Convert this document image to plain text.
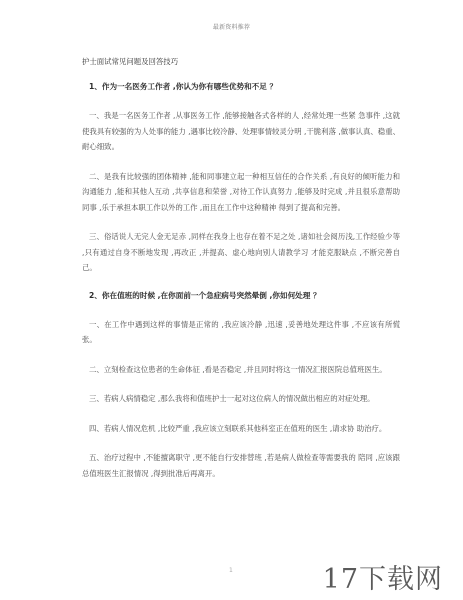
最新资料推荐
护士面试常见问题及回答技巧
1、作为一名医务工作者 ,你认为你有哪些优势和不足 ？

一、我是一名医务工作者 ,从事医务工作 ,能够接触各式各样的人 ,经常处理一些紧 急事件 ,这就使我具有较强的为人处事的能力 ,遇事比较冷静、处理事情较灵分明 ,干脆利落 ,做事认真、稳重、耐心细致。

二、是我有比较强的团体精神 ,能和同事建立起一种相互信任的合作关系 ,有良好的倾听能力和沟通能力 ,能和其他人互动 ,共享信息和荣誉 ,对待工作认真努力 ,能够及时完成 ,并且很乐意帮助同事 ,乐于承担本职工作以外的工作 ,而且在工作中这种精神 得到了提高和完善。

三、俗话说人无完人金无足赤 ,同样在我身上也存在着不足之处 ,诸如社会阅历浅,工作经验少等 ,只有通过自身不断地发现 ,再改正 ,并提高、虚心地向别人请教学习 才能克服缺点 ,不断完善自己。

2、你在值班的时候 ,在你面前一个急症病号突然晕倒 ,你如何处理 ？

一、在工作中遇到这样的事情是正常的 ,我应该冷静 ,迅速 ,妥善地处理这件事 ,不应该有所慌张。

二、立刻检查这位患者的生命体征 ,看是否稳定 ,并且同时将这一情况汇报医院总值班医生。

三、若病人病情稳定 ,那么我将和值班护士一起对这位病人的情况做出相应的对症处理。

四、若病人情况危机 ,比较严重 ,我应该立刻联系其他科室正在值班的医生 ,请求协 助治疗。

五、治疗过程中 ,不能擅离职守 ,更不能自行安排替班 ,若是病人做检查等需要我的 陪同 ,应该跟总值班医生汇报情况 ,得到批准后再离开。

1	17下载网
